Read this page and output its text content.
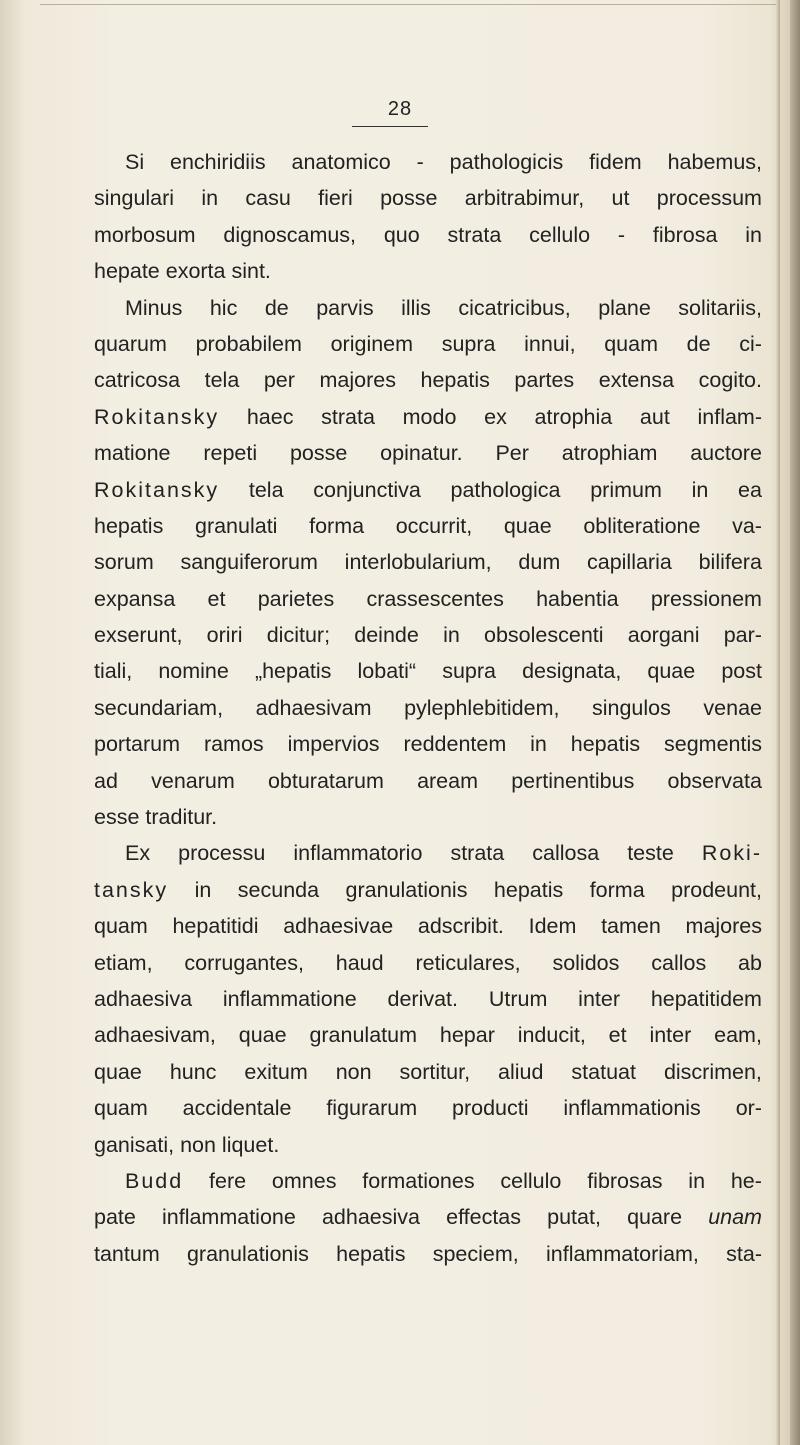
28
Si enchiridiis anatomico - pathologicis fidem habemus,
singulari in casu fieri posse arbitrabimur, ut processum
morbosum dignoscamus, quo strata cellulo - fibrosa in
hepate exorta sint.
Minus hic de parvis illis cicatricibus, plane solitariis,
quarum probabilem originem supra innui, quam de ci-
catricosa tela per majores hepatis partes extensa cogito.
Rokitansky haec strata modo ex atrophia aut inflam-
matione repeti posse opinatur. Per atrophiam auctore
Rokitansky tela conjunctiva pathologica primum in ea
hepatis granulati forma occurrit, quae obliteratione va-
sorum sanguiferorum interlobularium, dum capillaria bilifera
expansa et parietes crassescentes habentia pressionem
exserunt, oriri dicitur; deinde in obsolescenti aorgani par-
tiali, nomine „hepatis lobati“ supra designata, quae post
secundariam, adhaesivam pylephlebitidem, singulos venae
portarum ramos impervios reddentem in hepatis segmentis
ad venarum obturatarum aream pertinentibus observata
esse traditur.
Ex processu inflammatorio strata callosa teste Roki-
tansky in secunda granulationis hepatis forma prodeunt,
quam hepatitidi adhaesivae adscribit. Idem tamen majores
etiam, corrugantes, haud reticulares, solidos callos ab
adhaesiva inflammatione derivat. Utrum inter hepatitidem
adhaesivam, quae granulatum hepar inducit, et inter eam,
quae hunc exitum non sortitur, aliud statuat discrimen,
quam accidentale figurarum producti inflammationis or-
ganisati, non liquet.
Budd fere omnes formationes cellulo fibrosas in he-
pate inflammatione adhaesiva effectas putat, quare unam
tantum granulationis hepatis speciem, inflammatoriam, sta-
